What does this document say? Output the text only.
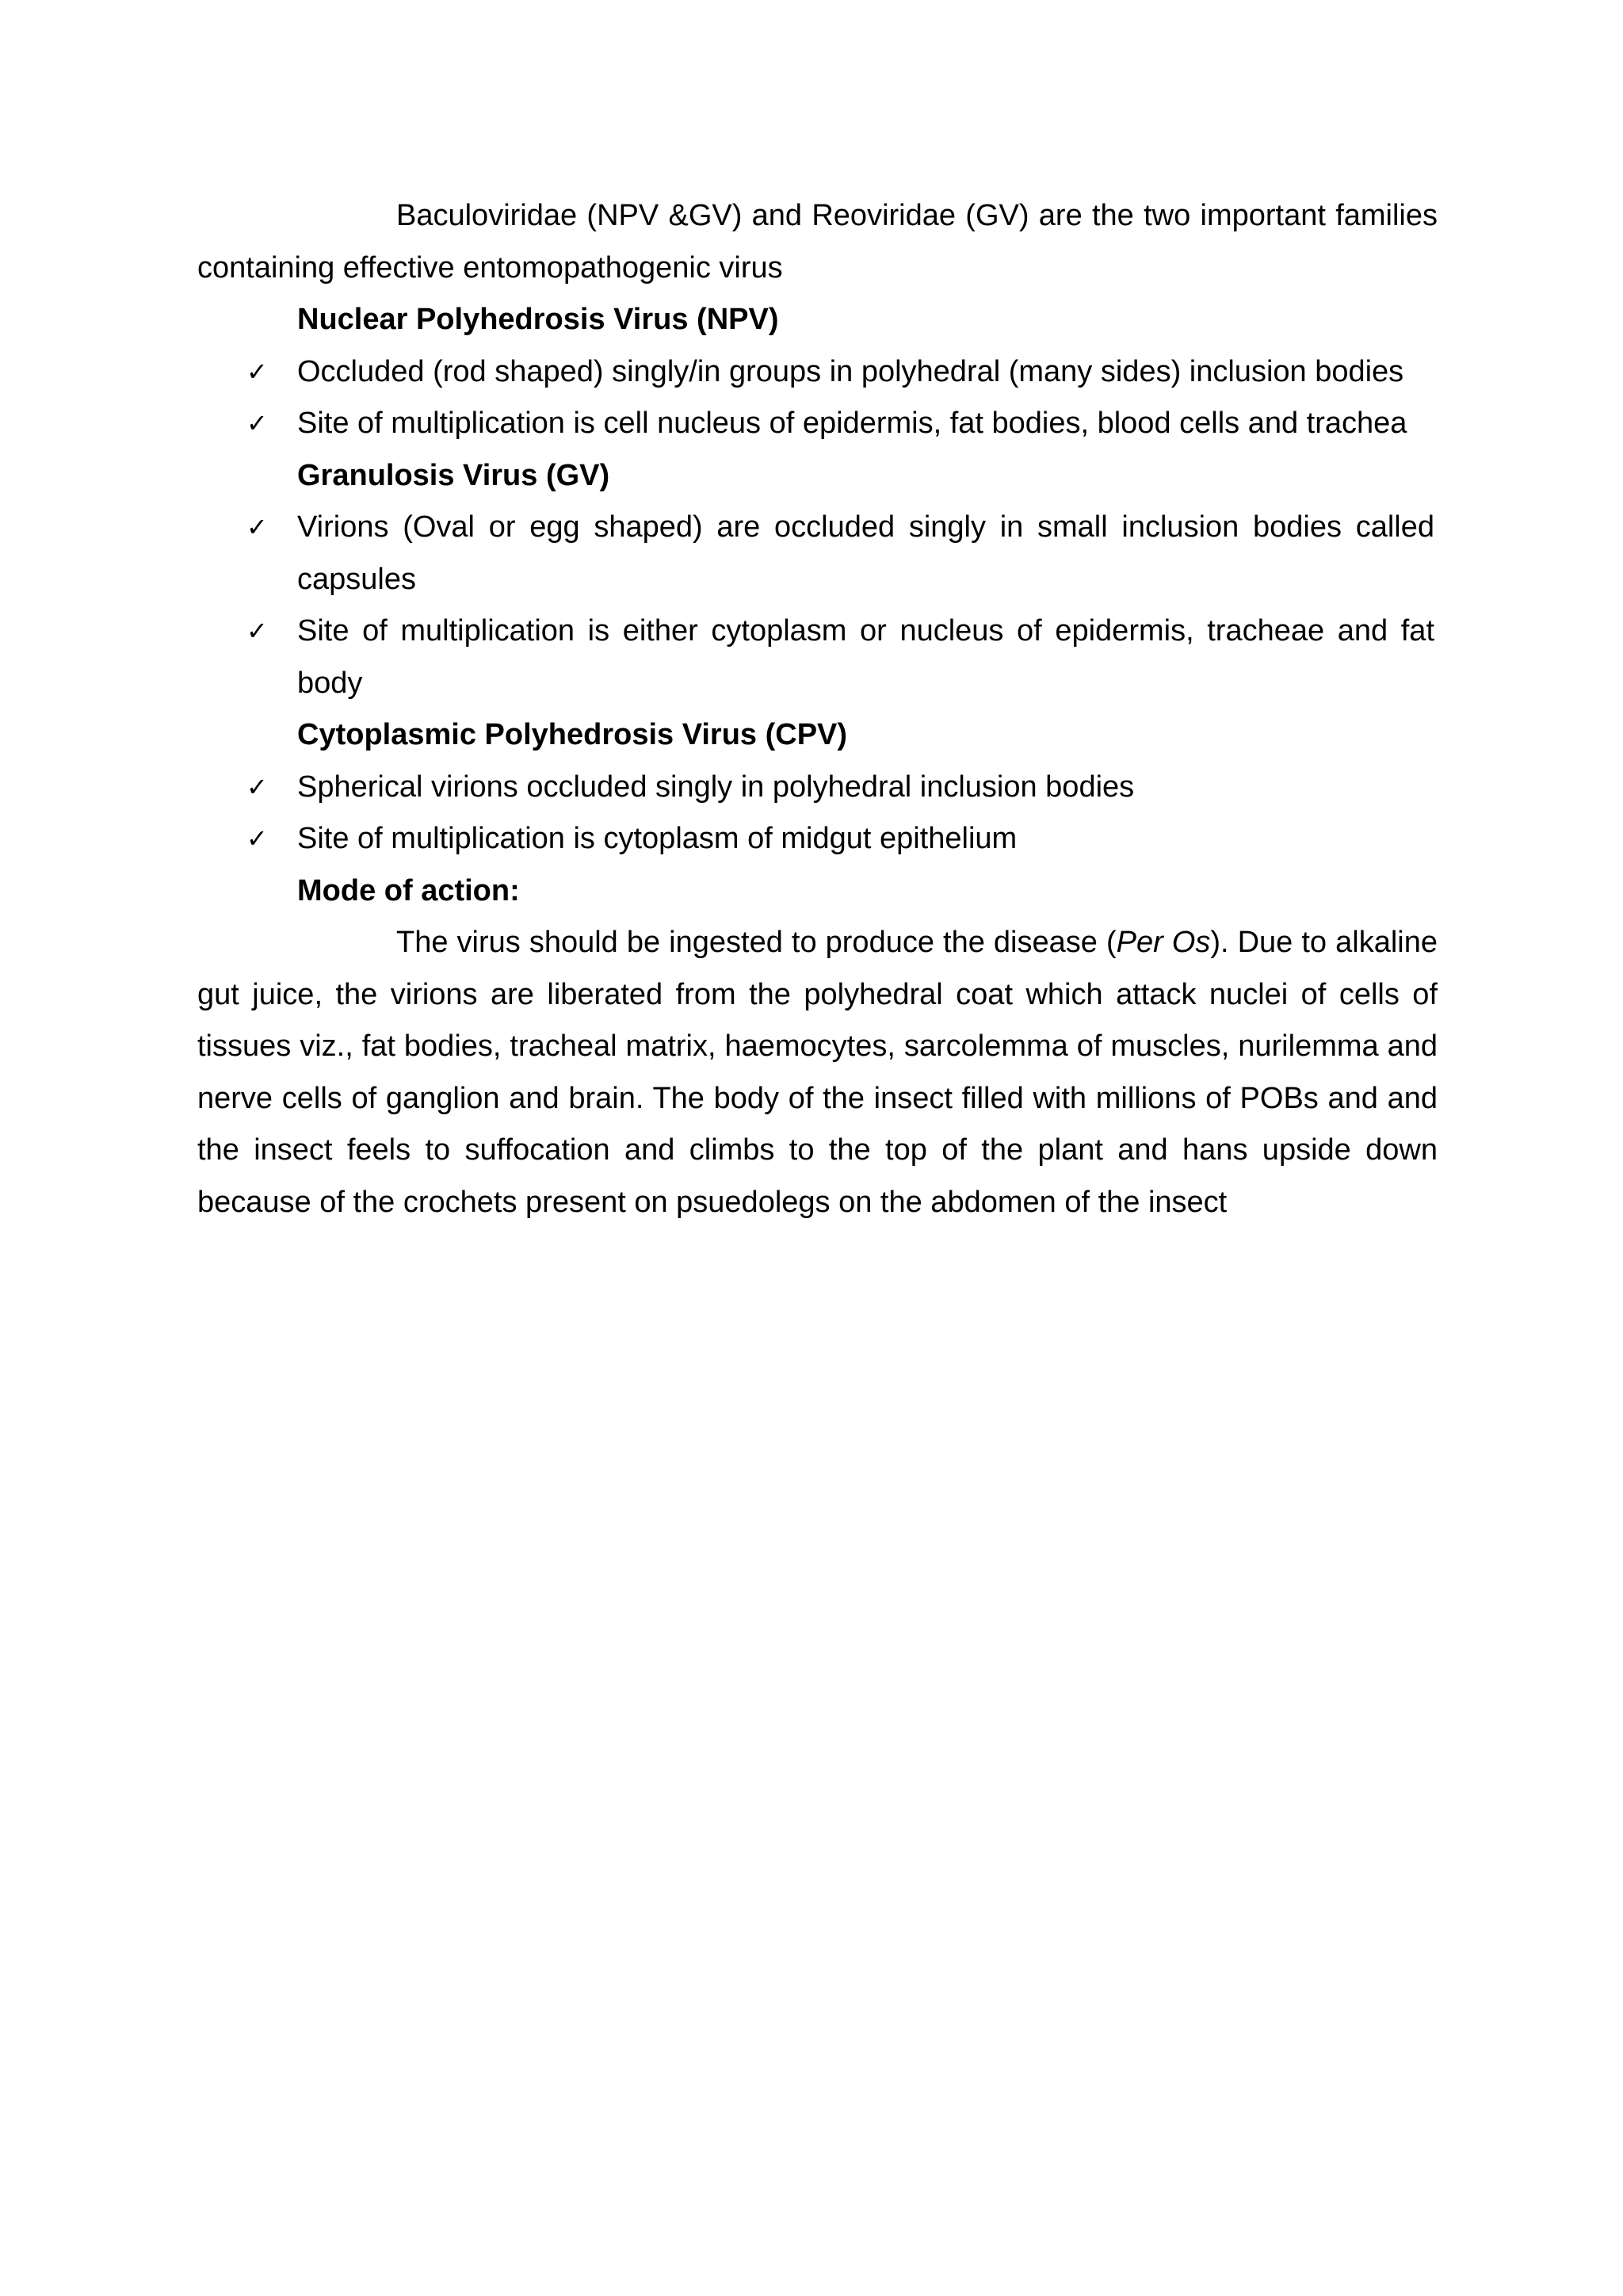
Baculoviridae (NPV &GV) and Reoviridae (GV) are the two important families containing effective entomopathogenic virus

Nuclear Polyhedrosis Virus (NPV)

✓ Occluded (rod shaped) singly/in groups in polyhedral (many sides) inclusion bodies
✓ Site of multiplication is cell nucleus of epidermis, fat bodies, blood cells and trachea

Granulosis Virus (GV)

✓ Virions (Oval or egg shaped) are occluded singly in small inclusion bodies called capsules
✓ Site of multiplication is either cytoplasm or nucleus of epidermis, tracheae and fat body

Cytoplasmic Polyhedrosis Virus (CPV)

✓ Spherical virions occluded singly in polyhedral inclusion bodies
✓ Site of multiplication is cytoplasm of midgut epithelium

Mode of action:

The virus should be ingested to produce the disease (Per Os). Due to alkaline gut juice, the virions are liberated from the polyhedral coat which attack nuclei of cells of tissues viz., fat bodies, tracheal matrix, haemocytes, sarcolemma of muscles, nurilemma and nerve cells of ganglion and brain. The body of the insect filled with millions of POBs and and the insect feels to suffocation and climbs to the top of the plant and hans upside down because of the crochets present on psuedolegs on the abdomen of the insect
